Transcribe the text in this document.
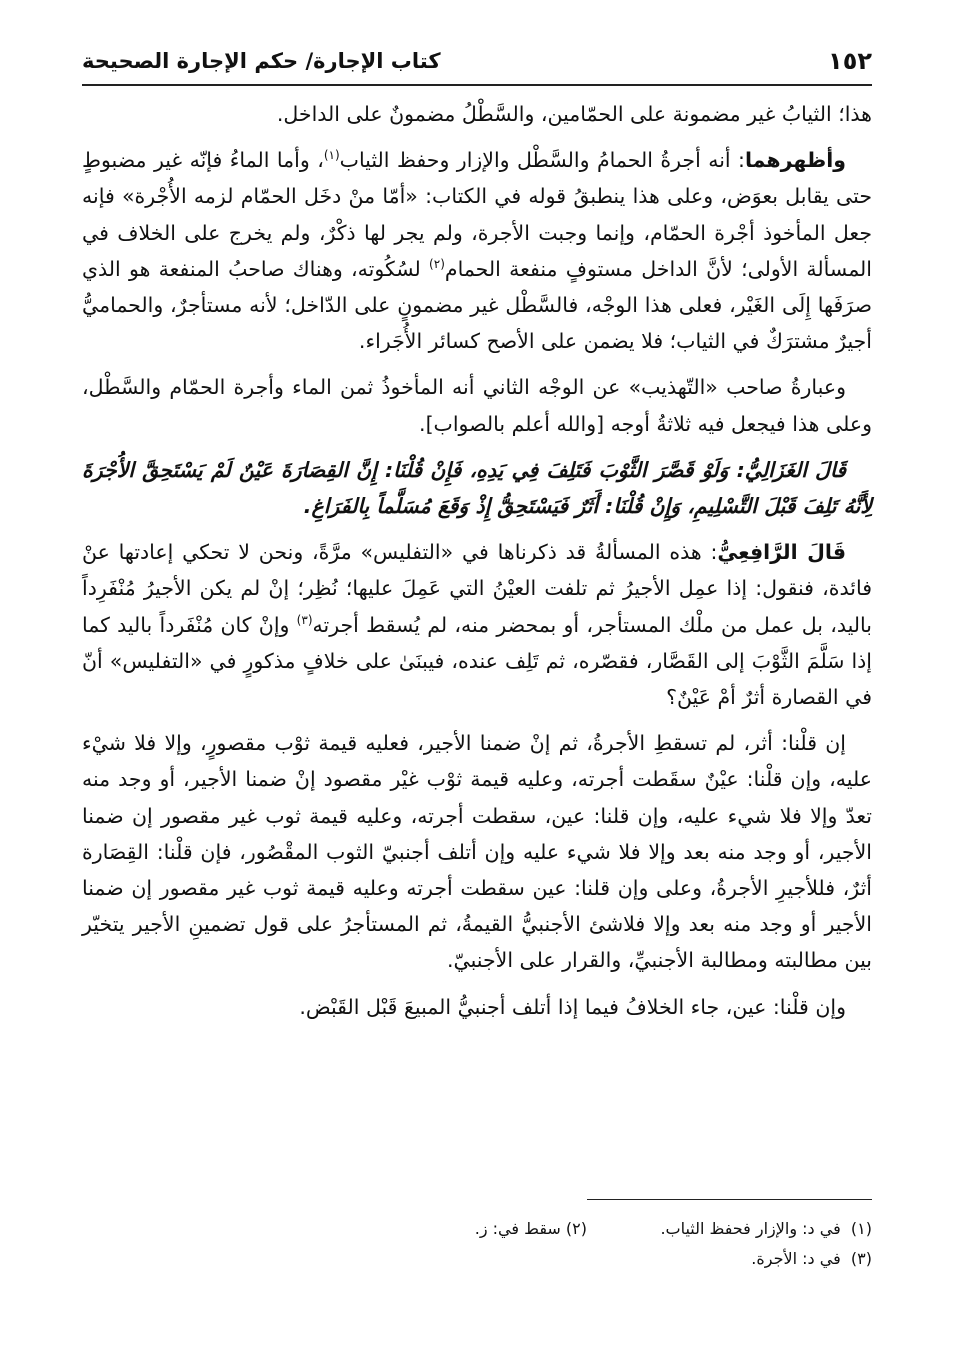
١٥٢
كتاب الإجارة/ حكم الإجارة الصحيحة

هذا؛ الثيابُ غير مضمونة على الحمّامين، والسَّطْلُ مضمونٌ على الداخل.

وأظهرهما: أنه أجرةُ الحمامُ والسَّطْل والإزار وحفظ الثياب$^{(١)}$، وأما الماءُ فإنّه غير مضبوطٍ حتى يقابل بعوَض، وعلى هذا ينطبقُ قوله في الكتاب: «أمّا منْ دخَل الحمّام لزمه الأُجْرة» فإنه جعل المأخوذ أجْرة الحمّام، وإنما وجبت الأجرة، ولم يجر لها ذكْرٌ، ولم يخرج على الخلاف في المسألة الأولى؛ لأنَّ الداخل مستوفٍ منفعة الحمام$^{(٢)}$ لسُكُوته، وهناك صاحبُ المنفعة هو الذي صرَفَها إِلَى الغَيْر، فعلى هذا الوجْه، فالسَّطْل غير مضمونٍ على الدّاخل؛ لأنه مستأجرٌ، والحماميُّ أجيرٌ مشترَكٌ في الثياب؛ فلا يضمن على الأصح كسائر الأُجَراء.

وعبارةُ صاحب «التّهذيب» عن الوجْه الثاني أنه المأخوذُ ثمن الماء وأجرة الحمّام والسَّطْل، وعلى هذا فيجعل فيه ثلاثةُ أوجه [والله أعلم بالصواب].

قَالَ الغَزَالِيُّ: وَلَوْ قَصَّرَ الثَّوْبَ فَتَلِفَ فِي يَدِهِ، فَإِنْ قُلْنَا: إِنَّ القِصَارَةَ عَيْنٌ لَمْ يَسْتَحِقَّ الأُجْرَةَ لِأَنَّهُ تَلِفَ قَبْلَ التَّسْلِيمِ، وَإِنْ قُلْنَا: أَثَرٌ فَيَسْتَحِقُّ إِذْ وَقَعَ مُسَلَّماً بِالفَرَاغِ.

قَالَ الرَّافِعِيُّ: هذه المسألةُ قد ذكرناها في «التفليس» مرَّةً، ونحن لا تحكي إعادتها عنْ فائدة، فنقول: إذا عمِل الأجيرُ ثم تلفت العيْنُ التي عَمِلَ عليها؛ نُظِر؛ إنْ لم يكن الأجيرُ مُنْفَرِداً باليد، بل عمل من ملْك المستأجر، أو بمحضر منه، لم يُسقط أجرته$^{(٣)}$ وإنْ كان مُنْفَرداً باليد كما إذا سَلَّمَ الثَّوْبَ إلى القَصَّار، فقصّره، ثم تَلِف عنده، فيبنَىٰ على خلافٍ مذكورٍ في «التفليس» أنّ في القصارة أثرٌ أمْ عَيْنٌ؟

إن قلْنا: أثر، لم تسقطِ الأجرةُ، ثم إنْ ضمنا الأجير، فعليه قيمة ثوْب مقصورٍ، وإلا فلا شيْء عليه، وإن قلْنا: عيْنٌ سقَطت أجرته، وعليه قيمة ثوْب غيْر مقصود إنْ ضمنا الأجير، أو وجد منه تعدّ وإلا فلا شيء عليه، وإن قلنا: عين، سقطت أجرته، وعليه قيمة ثوب غير مقصور إن ضمنا الأجير، أو وجد منه بعد وإلا فلا شيء عليه وإن أتلف أجنبيّ الثوب المقْصُور، فإن قلْنا: القِصَارة أثرٌ، فللأجيرِ الأجرةُ، وعلى وإن قلنا: عين سقطت أجرته وعليه قيمة ثوب غير مقصور إن ضمنا الأجير أو وجد منه بعد وإلا فلاشئ الأجنبيُّ القيمةُ، ثم المستأجرُ على قول تضمينِ الأجير يتخيّر بين مطالبته ومطالبة الأجنبيِّ، والقرار على الأجنبيّ.

وإن قلْنا: عين، جاء الخلافُ فيما إذا أتلف أجنبيُّ المبيعَ قَبْل القَبْض.

(١)  في د: والإزار فحفظ الثياب.
(٢) سقط في: ز.
(٣)  في د: الأجرة.
